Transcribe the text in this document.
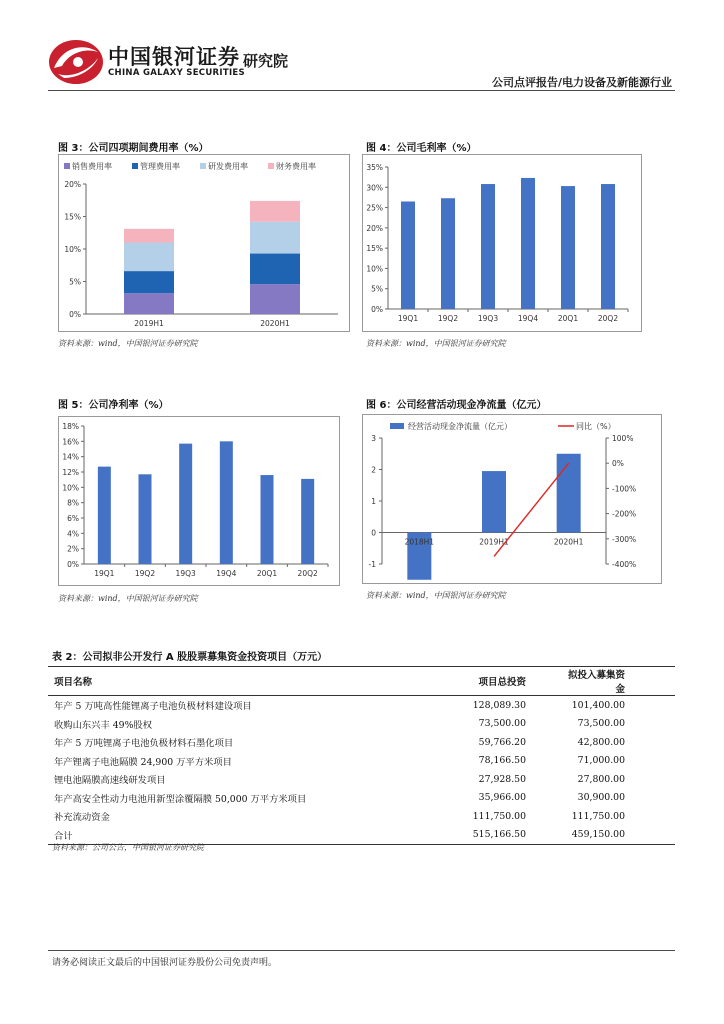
中国银河证券
CHINA GALAXY SECURITIES
研究院
公司点评报告/电力设备及新能源行业
图 3：公司四项期间费用率（%）
销售费用率	管理费用率	研发费用率	财务费用率
0%
5%
10%
15%
20%
2019H1	2020H1
资料来源：wind，中国银河证券研究院
图 4：公司毛利率（%）
0%
5%
10%
15%
20%
25%
30%
35%
19Q1	19Q2	19Q3	19Q4	20Q1	20Q2
资料来源：wind，中国银河证券研究院
图 5：公司净利率（%）
0%
2%
4%
6%
8%
10%
12%
14%
16%
18%
19Q1	19Q2	19Q3	19Q4	20Q1	20Q2
资料来源：wind，中国银河证券研究院
图 6：公司经营活动现金净流量（亿元）
经营活动现金净流量（亿元）	同比（%）
-1
0
1
2
3
-400%
-300%
-200%
-100%
0%
100%
2018H1	2019H1	2020H1
资料来源：wind，中国银河证券研究院
表 2：公司拟非公开发行 A 股股票募集资金投资项目（万元）
项目名称	项目总投资	拟投入募集资金
年产 5 万吨高性能锂离子电池负极材料建设项目	128,089.30	101,400.00
收购山东兴丰 49%股权	73,500.00	73,500.00
年产 5 万吨锂离子电池负极材料石墨化项目	59,766.20	42,800.00
年产锂离子电池隔膜 24,900 万平方米项目	78,166.50	71,000.00
锂电池隔膜高速线研发项目	27,928.50	27,800.00
年产高安全性动力电池用新型涂覆隔膜 50,000 万平方米项目	35,966.00	30,900.00
补充流动资金	111,750.00	111,750.00
合计	515,166.50	459,150.00
资料来源：公司公告，中国银河证券研究院
请务必阅读正文最后的中国银河证券股份公司免责声明。
